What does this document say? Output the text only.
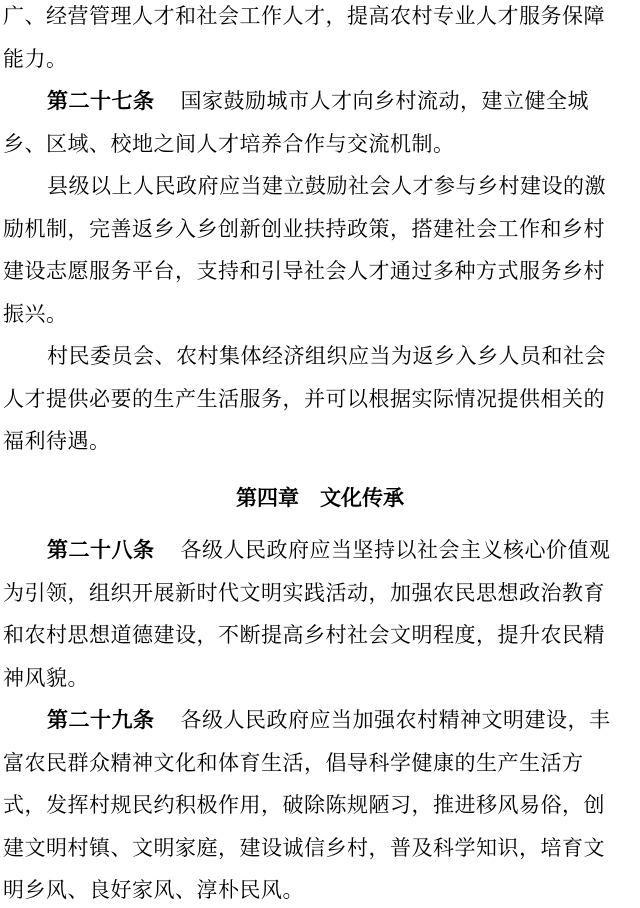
广、经营管理人才和社会工作人才，提高农村专业人才服务保障
能力。
第二十七条 国家鼓励城市人才向乡村流动，建立健全城
乡、区域、校地之间人才培养合作与交流机制。
县级以上人民政府应当建立鼓励社会人才参与乡村建设的激
励机制，完善返乡入乡创新创业扶持政策，搭建社会工作和乡村
建设志愿服务平台，支持和引导社会人才通过多种方式服务乡村
振兴。
村民委员会、农村集体经济组织应当为返乡入乡人员和社会
人才提供必要的生产生活服务，并可以根据实际情况提供相关的
福利待遇。
第四章　文化传承
第二十八条 各级人民政府应当坚持以社会主义核心价值观
为引领，组织开展新时代文明实践活动，加强农民思想政治教育
和农村思想道德建设，不断提高乡村社会文明程度，提升农民精
神风貌。
第二十九条 各级人民政府应当加强农村精神文明建设，丰
富农民群众精神文化和体育生活，倡导科学健康的生产生活方
式，发挥村规民约积极作用，破除陈规陋习，推进移风易俗，创
建文明村镇、文明家庭，建设诚信乡村，普及科学知识，培育文
明乡风、良好家风、淳朴民风。
